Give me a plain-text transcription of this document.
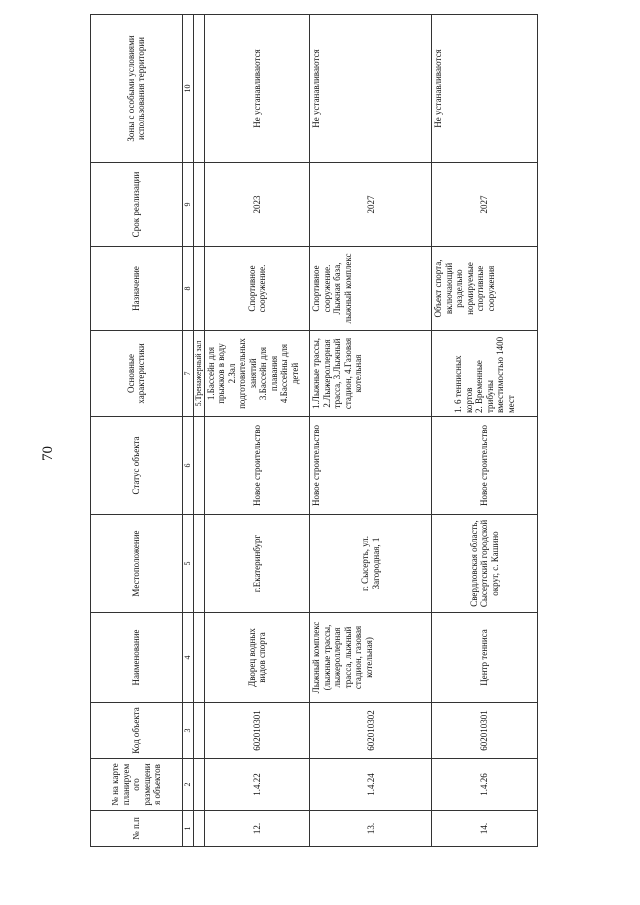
70
№ п.п	№ на карте планируемого размещения объектов	Код объекта	Наименование	Местоположение	Статус объекта	Основные характеристики	Назначение	Срок реализации	Зоны с особыми условиями использования территории
1	2	3	4	5	6	7	8	9	10
						5.Тренажерный зал			
12.	1.4.22	602010301	Дворец водных видов спорта	г.Екатеринбург	Новое строительство	1.Бассейн для прыжков в воду 2.Зал подготовительных занятий 3.Бассейн для плавания 4.Бассейны для детей	Спортивное сооружение.	2023	Не устанавливаются
13.	1.4.24	602010302	Лыжный комплекс (лыжные трассы, лыжероллерная трасса, лыжный стадион, газовая котельная)	г. Сысерть, ул. Загородная, 1	Новое строительство	1.Лыжные трассы, 2.Лыжероллерная трасса, 3.Лыжный стадион, 4.Газовая котельная	Спортивное сооружение. Лыжная база, лыжный комплекс	2027	Не устанавливаются
14.	1.4.26	602010301	Центр тенниса	Свердловская область, Сысертский городской округ, с. Кашино	Новое строительство	1. 6 теннисных кортов 2. Временные трибуны вместимостью 1400 мест	Объект спорта, включающий раздельно нормируемые спортивные сооружения	2027	Не устанавливаются
